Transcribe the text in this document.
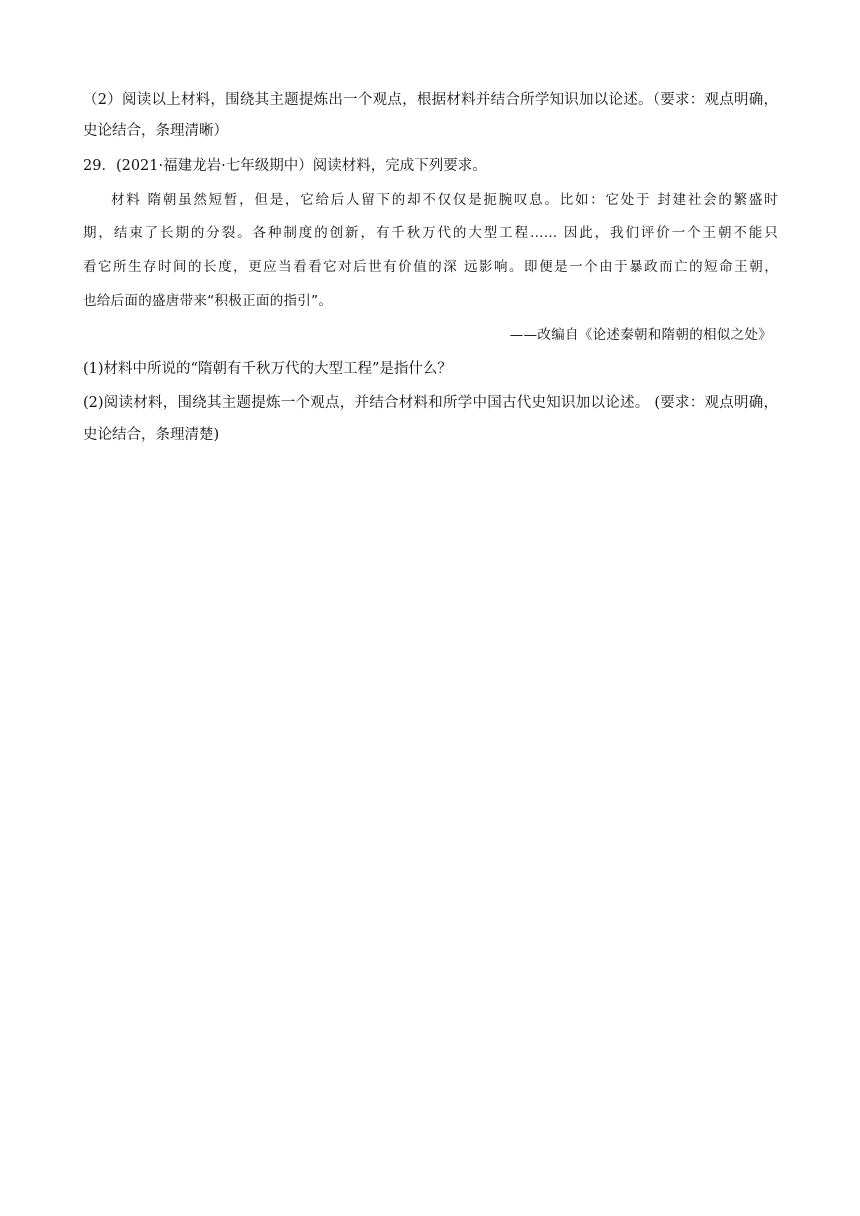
（2）阅读以上材料，围绕其主题提炼出一个观点，根据材料并结合所学知识加以论述。（要求：观点明确，
史论结合，条理清晰）
29．(2021·福建龙岩·七年级期中）阅读材料，完成下列要求。
材料 隋朝虽然短暂，但是，它给后人留下的却不仅仅是扼腕叹息。比如：它处于 封建社会的繁盛时
期，结束了长期的分裂。各种制度的创新，有千秋万代的大型工程…… 因此，我们评价一个王朝不能只
看它所生存时间的长度，更应当看看它对后世有价值的深 远影响。即便是一个由于暴政而亡的短命王朝，
也给后面的盛唐带来“积极正面的指引”。
——改编自《论述秦朝和隋朝的相似之处》
(1)材料中所说的“隋朝有千秋万代的大型工程”是指什么？
(2)阅读材料，围绕其主题提炼一个观点，并结合材料和所学中国古代史知识加以论述。 (要求：观点明确，
史论结合，条理清楚)
